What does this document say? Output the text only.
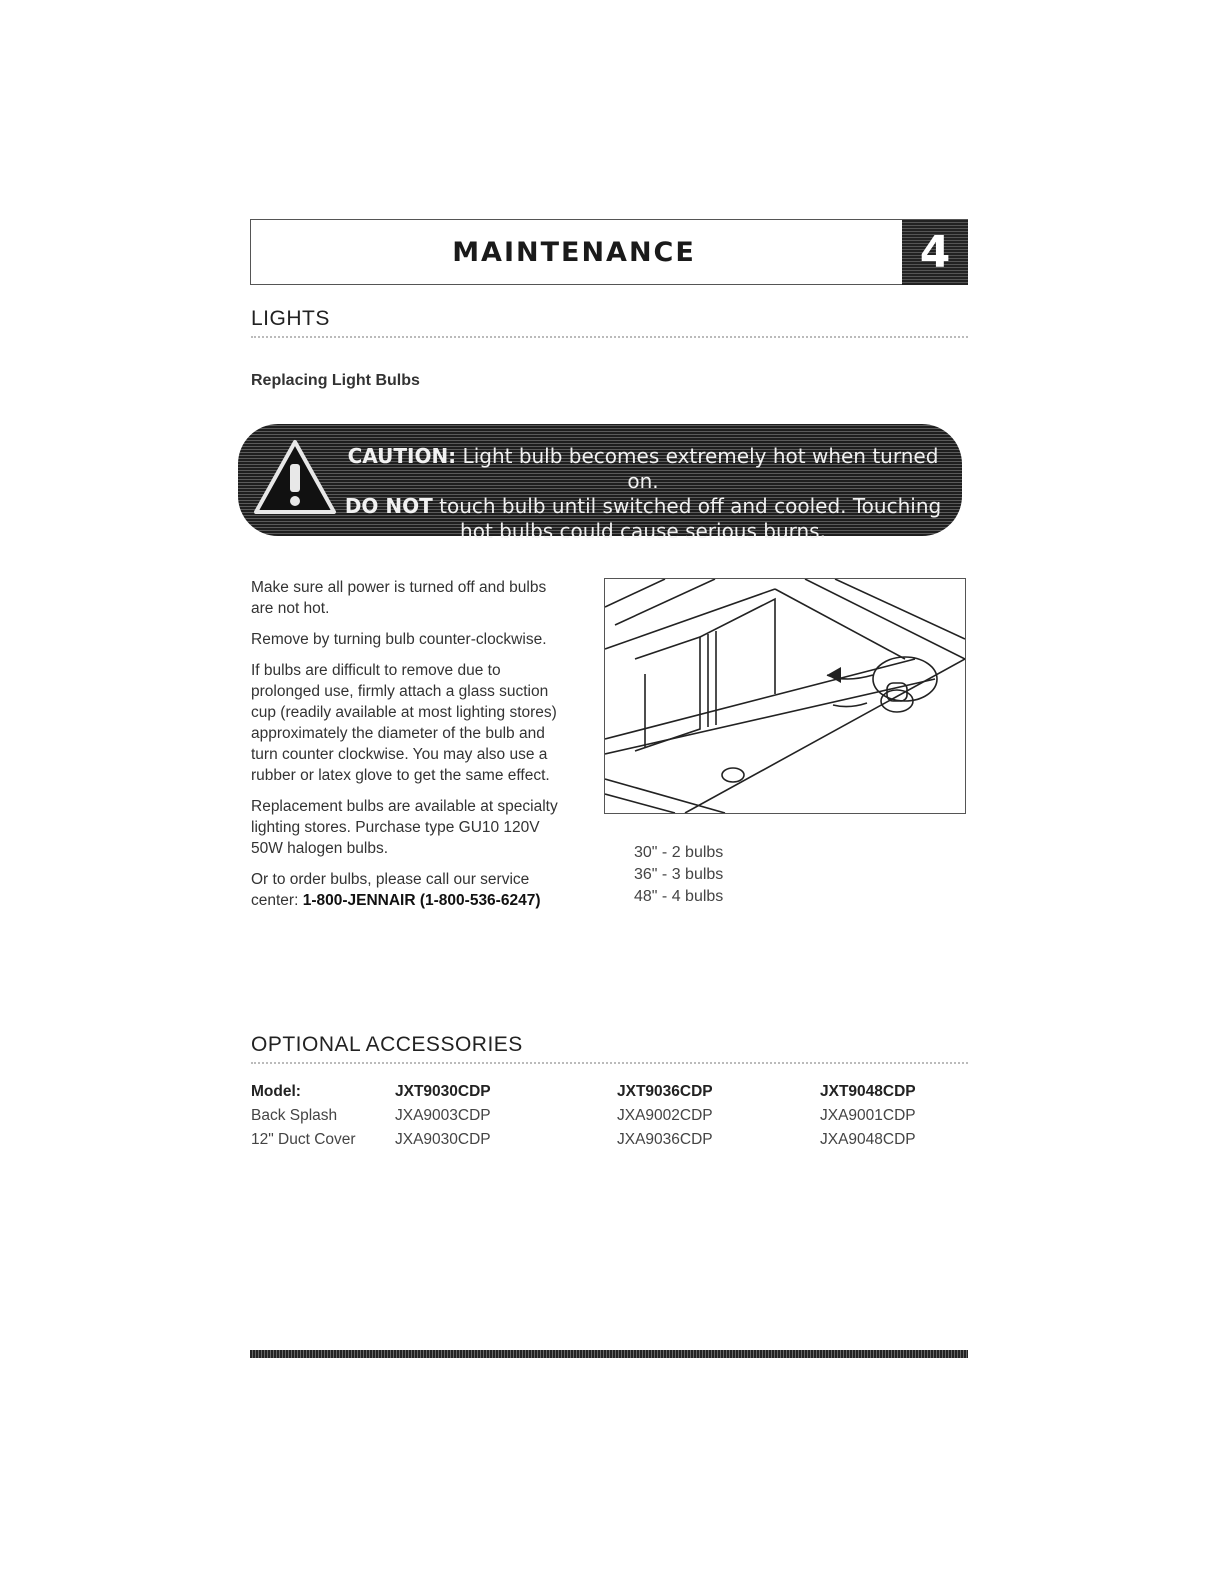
MAINTENANCE	4
LIGHTS
Replacing Light Bulbs
CAUTION: Light bulb becomes extremely hot when turned on.
DO NOT touch bulb until switched off and cooled. Touching hot bulbs could cause serious burns.

Make sure all power is turned off and bulbs are not hot.

Remove by turning bulb counter-clockwise.

If bulbs are difficult to remove due to prolonged use, firmly attach a glass suction cup (readily available at most lighting stores) approximately the diameter of the bulb and turn counter clockwise. You may also use a rubber or latex glove to get the same effect.

Replacement bulbs are available at specialty lighting stores. Purchase type GU10 120V 50W halogen bulbs.

Or to order bulbs, please call our service center: 1-800-JENNAIR (1-800-536-6247)

30" - 2 bulbs
36" - 3 bulbs
48" - 4 bulbs
OPTIONAL ACCESSORIES
Model:	JXT9030CDP	JXT9036CDP	JXT9048CDP
Back Splash	JXA9003CDP	JXA9002CDP	JXA9001CDP
12" Duct Cover	JXA9030CDP	JXA9036CDP	JXA9048CDP
